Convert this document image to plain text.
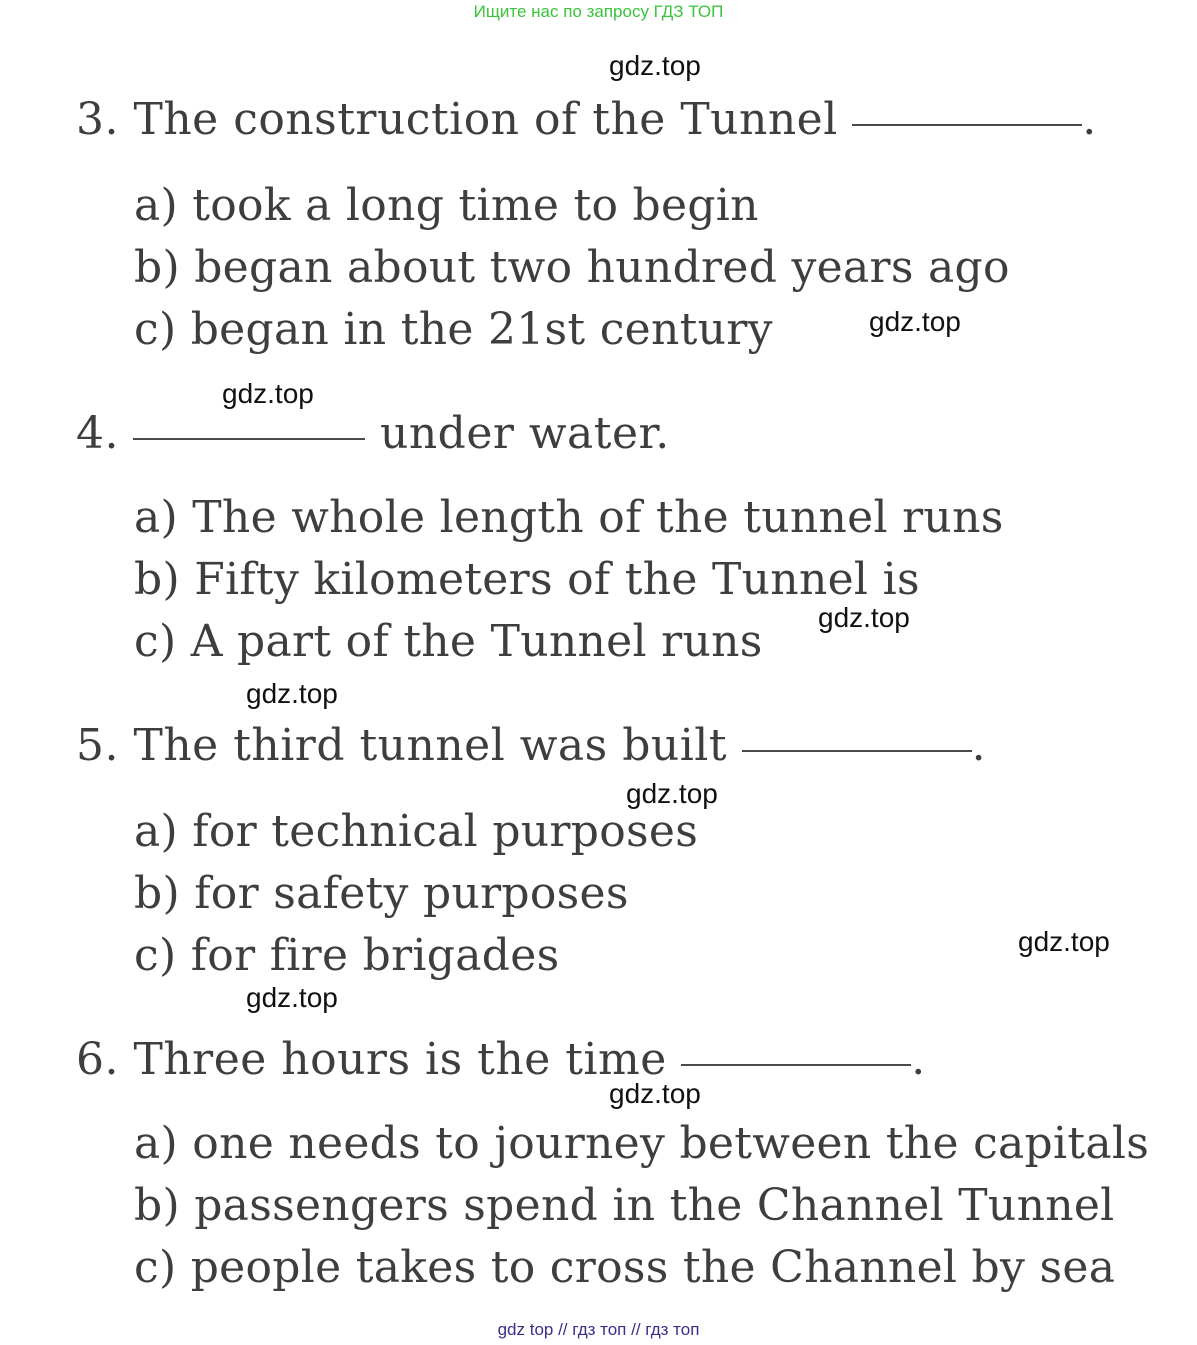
Ищите нас по запросу ГДЗ ТОП
gdz.top
gdz.top
gdz.top
gdz.top
gdz.top
gdz.top
gdz.top
gdz.top
gdz.top
3. The construction of the Tunnel	.
a) took a long time to begin
b) began about two hundred years ago
c) began in the 21st century
4.	under water.
a) The whole length of the tunnel runs
b) Fifty kilometers of the Tunnel is
c) A part of the Tunnel runs
5. The third tunnel was built	.
a) for technical purposes
b) for safety purposes
c) for fire brigades
6. Three hours is the time	.
a) one needs to journey between the capitals
b) passengers spend in the Channel Tunnel
c) people takes to cross the Channel by sea
gdz top // гдз топ // гдз топ
